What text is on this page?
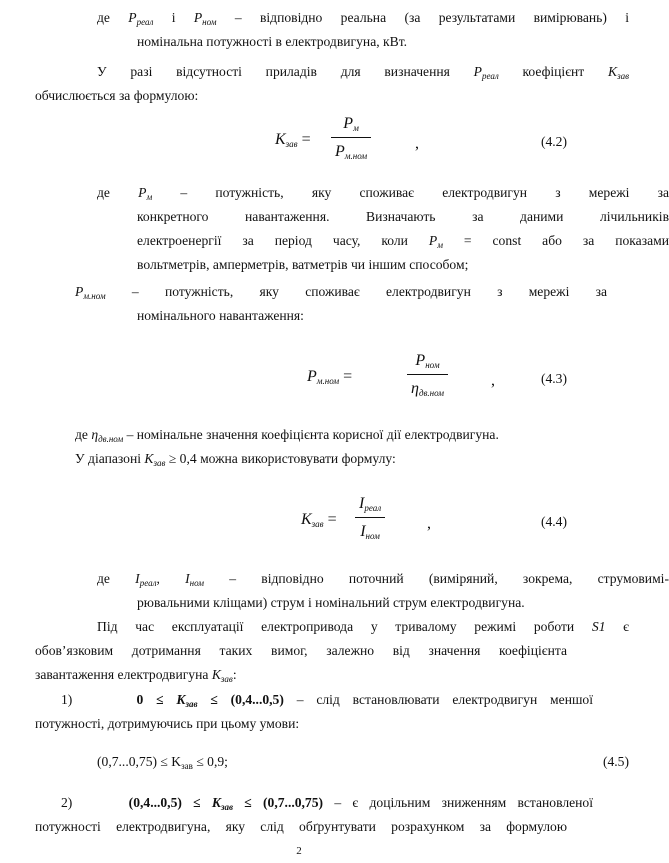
де $P_{реал}$ і $P_{ном}$ – відповідно реальна (за результатами вимірювань) і
номінальна потужності в електродвигуна, кВт.
У разі відсутності приладів для визначення $P_{реал}$ коефіцієнт $K_{зав}$
обчислюється за формулою:
$K_{зав}$ =
$P_м$
$P_{м.ном}$
,	(4.2)
де $P_м$ – потужність, яку споживає електродвигун з мережі за
конкретного навантаження. Визначають за даними лічильників
електроенергії за період часу, коли $P_м$ = const або за показами
вольтметрів, амперметрів, ватметрів чи іншим способом;
$P_{м.ном}$ – потужність, яку споживає електродвигун з мережі за
номінального навантаження:
$P_{м.ном}$ =
$P_{ном}$
$\eta_{дв.ном}$
,	(4.3)
де $\eta_{дв.ном}$ – номінальне значення коефіцієнта корисної дії електродвигуна.
У діапазоні $K_{зав} \ge 0,4$ можна використовувати формулу:
$K_{зав}$ =
$I_{реал}$
$I_{ном}$
,	(4.4)
де $I_{реал}$, $I_{ном}$ – відповідно поточний (виміряний, зокрема, струмовимі-
рювальними кліщами) струм і номінальний струм електродвигуна.
Під час експлуатації електропривода у тривалому режимі роботи S1 є
обов’язковим дотримання таких вимог, залежно від значення коефіцієнта
завантаження електродвигуна $K_{зав}$:
1)	$0 \le K_{зав} \le (0,4...0,5)$ – слід встановлювати електродвигун меншої
потужності, дотримуючись при цьому умови:
$(0,7...0,75) \le K_{зав} \le 0,9$;	(4.5)
2)	$(0,4...0,5) \le K_{зав} \le (0,7...0,75) - є$ доцільним зниженням встановленої
потужності електродвигуна, яку слід обґрунтувати розрахунком за формулою
2
